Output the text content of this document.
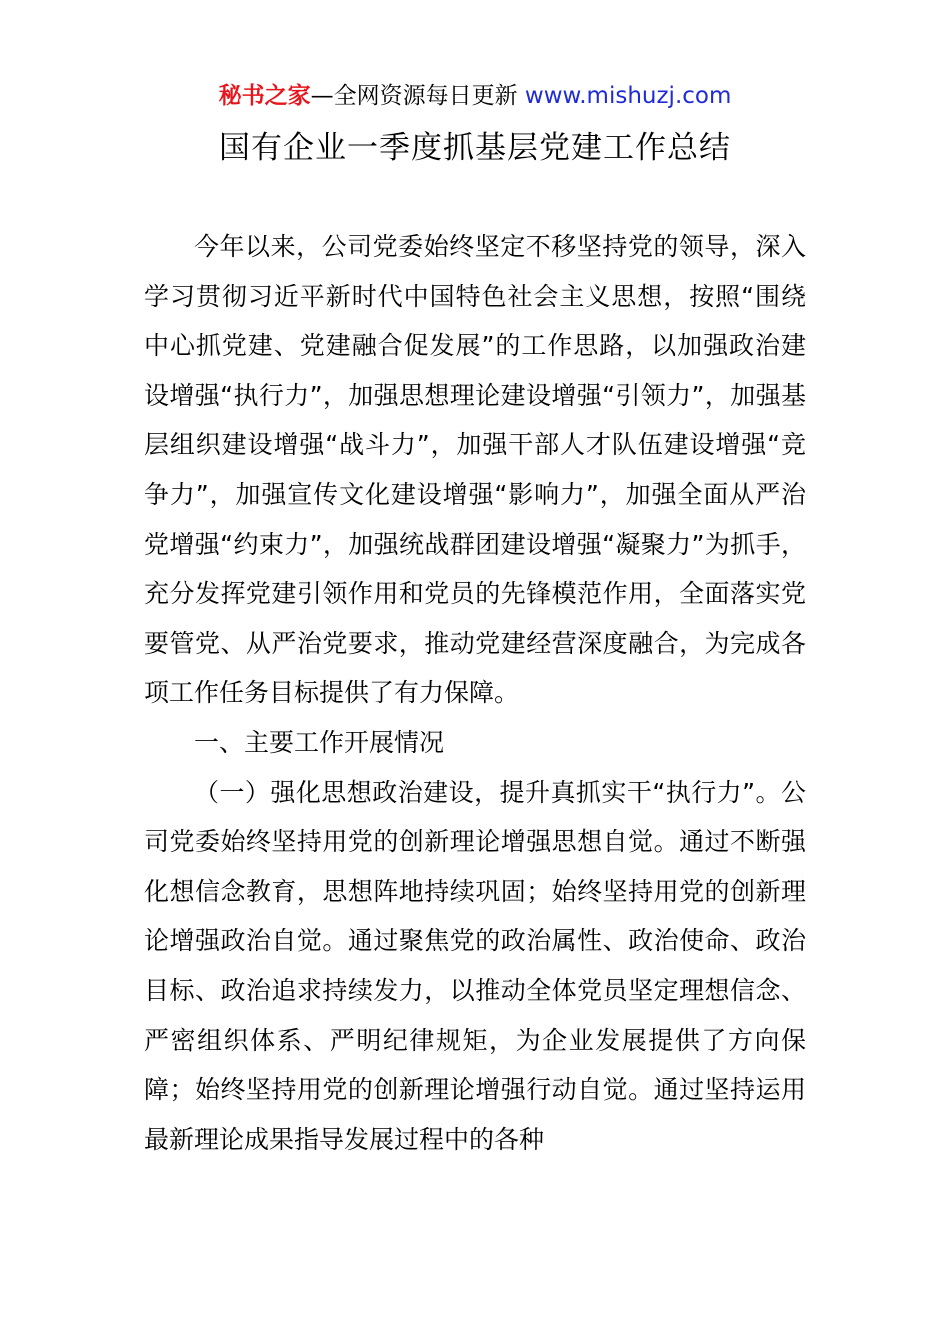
秘书之家—全网资源每日更新 www.mishuzj.com
国有企业一季度抓基层党建工作总结

今年以来，公司党委始终坚定不移坚持党的领导，深入学习贯彻习近平新时代中国特色社会主义思想，按照“围绕中心抓党建、党建融合促发展”的工作思路，以加强政治建设增强“执行力”，加强思想理论建设增强“引领力”，加强基层组织建设增强“战斗力”，加强干部人才队伍建设增强“竞争力”，加强宣传文化建设增强“影响力”，加强全面从严治党增强“约束力”，加强统战群团建设增强“凝聚力”为抓手，充分发挥党建引领作用和党员的先锋模范作用，全面落实党要管党、从严治党要求，推动党建经营深度融合，为完成各项工作任务目标提供了有力保障。

一、主要工作开展情况

（一）强化思想政治建设，提升真抓实干“执行力”。公司党委始终坚持用党的创新理论增强思想自觉。通过不断强化想信念教育，思想阵地持续巩固；始终坚持用党的创新理论增强政治自觉。通过聚焦党的政治属性、政治使命、政治目标、政治追求持续发力，以推动全体党员坚定理想信念、严密组织体系、严明纪律规矩，为企业发展提供了方向保障；始终坚持用党的创新理论增强行动自觉。通过坚持运用最新理论成果指导发展过程中的各种
